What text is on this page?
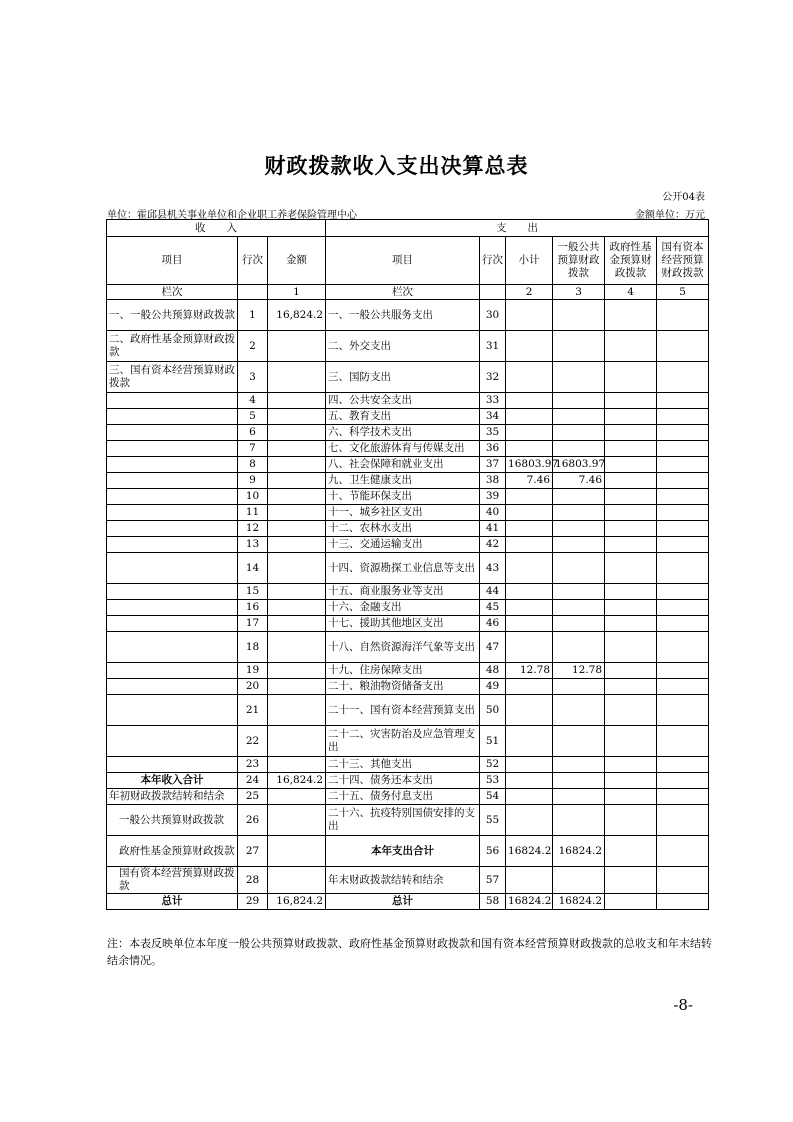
财政拨款收入支出决算总表
公开04表
单位：霍邱县机关事业单位和企业职工养老保险管理中心	金额单位：万元
收　　入			支　　出					
项目	行次	金额	项目	行次	小计	一般公共预算财政拨款	政府性基金预算财政拨款	国有资本经营预算财政拨款
栏次		1	栏次		2	3	4	5
一、一般公共预算财政拨款	1	16,824.2	一、一般公共服务支出	30				
二、政府性基金预算财政拨款	2		二、外交支出	31				
三、国有资本经营预算财政拨款	3		三、国防支出	32				
	4		四、公共安全支出	33				
	5		五、教育支出	34				
	6		六、科学技术支出	35				
	7		七、文化旅游体育与传媒支出	36				
	8		八、社会保障和就业支出	37	16803.97	16803.97		
	9		九、卫生健康支出	38	7.46	7.46		
	10		十、节能环保支出	39				
	11		十一、城乡社区支出	40				
	12		十二、农林水支出	41				
	13		十三、交通运输支出	42				
	14		十四、资源勘探工业信息等支出	43				
	15		十五、商业服务业等支出	44				
	16		十六、金融支出	45				
	17		十七、援助其他地区支出	46				
	18		十八、自然资源海洋气象等支出	47				
	19		十九、住房保障支出	48	12.78	12.78		
	20		二十、粮油物资储备支出	49				
	21		二十一、国有资本经营预算支出	50				
	22		二十二、灾害防治及应急管理支出	51				
	23		二十三、其他支出	52				
本年收入合计	24	16,824.2	二十四、债务还本支出	53				
年初财政拨款结转和结余	25		二十五、债务付息支出	54				
一般公共预算财政拨款	26		二十六、抗疫特别国债安排的支出	55				
政府性基金预算财政拨款	27		本年支出合计	56	16824.2	16824.2		
国有资本经营预算财政拨款	28		年末财政拨款结转和结余	57				
总计	29	16,824.2	总计	58	16824.2	16824.2		
注：本表反映单位本年度一般公共预算财政拨款、政府性基金预算财政拨款和国有资本经营预算财政拨款的总收支和年末结转结余情况。
-8-
